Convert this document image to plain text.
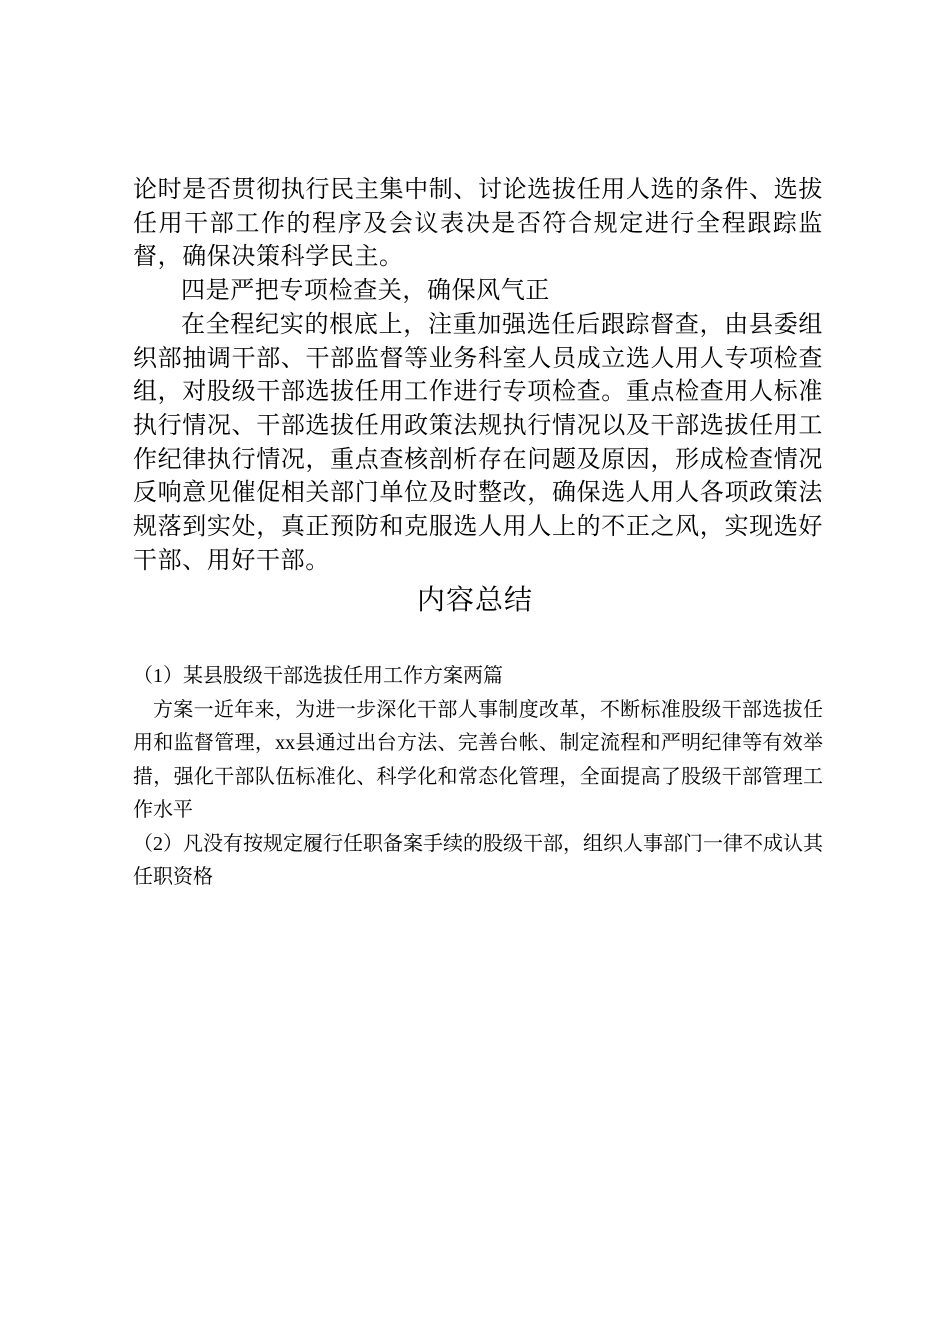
论时是否贯彻执行民主集中制、讨论选拔任用人选的条件、选拔任用干部工作的程序及会议表决是否符合规定进行全程跟踪监督，确保决策科学民主。

四是严把专项检查关，确保风气正

在全程纪实的根底上，注重加强选任后跟踪督查，由县委组织部抽调干部、干部监督等业务科室人员成立选人用人专项检查组，对股级干部选拔任用工作进行专项检查。重点检查用人标准执行情况、干部选拔任用政策法规执行情况以及干部选拔任用工作纪律执行情况，重点查核剖析存在问题及原因，形成检查情况反响意见催促相关部门单位及时整改，确保选人用人各项政策法规落到实处，真正预防和克服选人用人上的不正之风，实现选好干部、用好干部。

内容总结

（1）某县股级干部选拔任用工作方案两篇

方案一近年来，为进一步深化干部人事制度改革，不断标准股级干部选拔任用和监督管理，xx县通过出台方法、完善台帐、制定流程和严明纪律等有效举措，强化干部队伍标准化、科学化和常态化管理，全面提高了股级干部管理工作水平

（2）凡没有按规定履行任职备案手续的股级干部，组织人事部门一律不成认其任职资格
